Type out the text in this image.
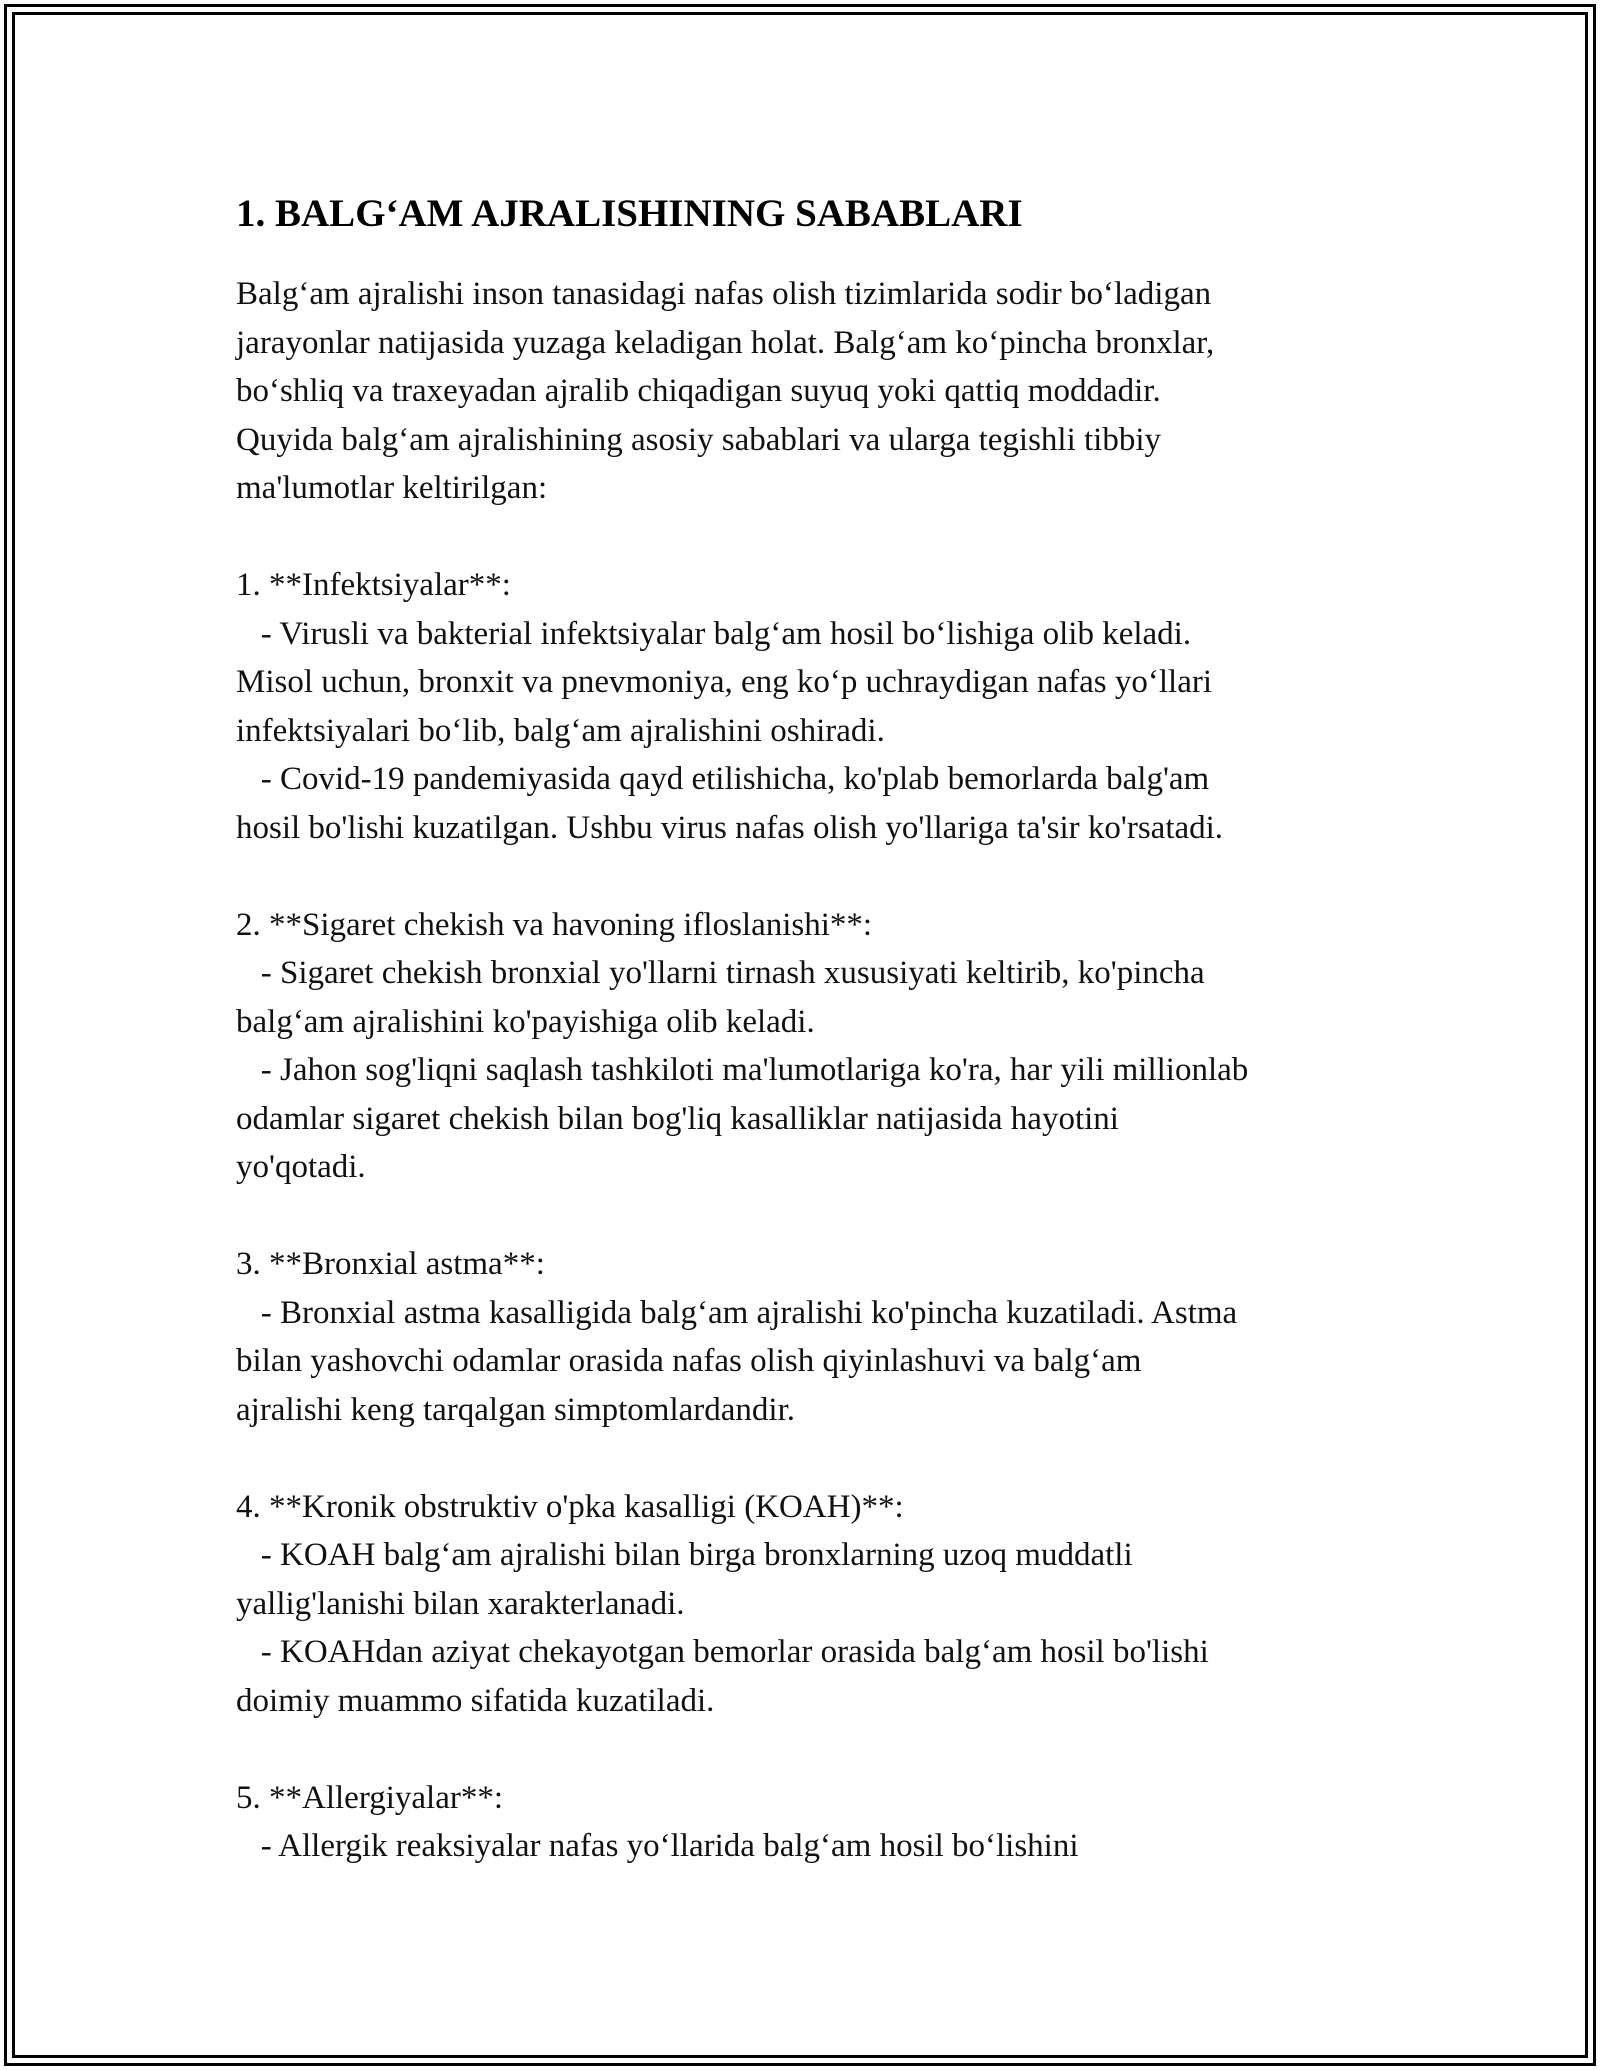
1. BALG‘AM AJRALISHINING SABABLARI
Balg‘am ajralishi inson tanasidagi nafas olish tizimlarida sodir bo‘ladigan
jarayonlar natijasida yuzaga keladigan holat. Balg‘am ko‘pincha bronxlar,
bo‘shliq va traxeyadan ajralib chiqadigan suyuq yoki qattiq moddadir.
Quyida balg‘am ajralishining asosiy sabablari va ularga tegishli tibbiy
ma'lumotlar keltirilgan:
1. **Infektsiyalar**:
- Virusli va bakterial infektsiyalar balg‘am hosil bo‘lishiga olib keladi.
Misol uchun, bronxit va pnevmoniya, eng ko‘p uchraydigan nafas yo‘llari
infektsiyalari bo‘lib, balg‘am ajralishini oshiradi.
- Covid-19 pandemiyasida qayd etilishicha, ko'plab bemorlarda balg'am
hosil bo'lishi kuzatilgan. Ushbu virus nafas olish yo'llariga ta'sir ko'rsatadi.
2. **Sigaret chekish va havoning ifloslanishi**:
- Sigaret chekish bronxial yo'llarni tirnash xususiyati keltirib, ko'pincha
balg‘am ajralishini ko'payishiga olib keladi.
- Jahon sog'liqni saqlash tashkiloti ma'lumotlariga ko'ra, har yili millionlab
odamlar sigaret chekish bilan bog'liq kasalliklar natijasida hayotini
yo'qotadi.
3. **Bronxial astma**:
- Bronxial astma kasalligida balg‘am ajralishi ko'pincha kuzatiladi. Astma
bilan yashovchi odamlar orasida nafas olish qiyinlashuvi va balg‘am
ajralishi keng tarqalgan simptomlardandir.
4. **Kronik obstruktiv o'pka kasalligi (KOAH)**:
- KOAH balg‘am ajralishi bilan birga bronxlarning uzoq muddatli
yallig'lanishi bilan xarakterlanadi.
- KOAHdan aziyat chekayotgan bemorlar orasida balg‘am hosil bo'lishi
doimiy muammo sifatida kuzatiladi.
5. **Allergiyalar**:
- Allergik reaksiyalar nafas yo‘llarida balg‘am hosil bo‘lishini
